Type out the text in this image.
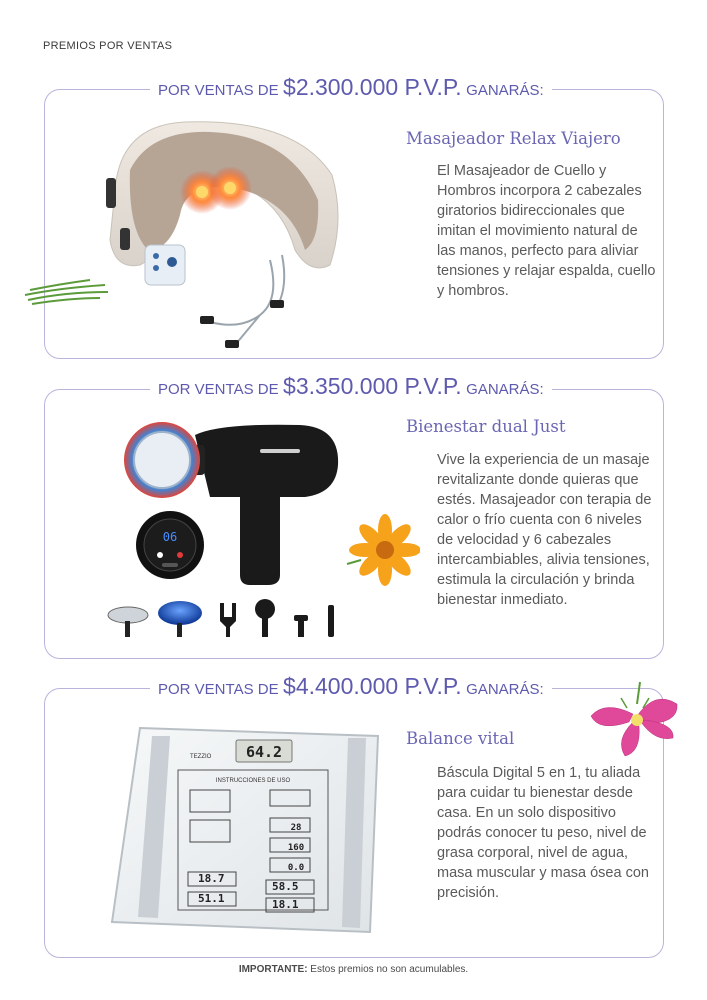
PREMIOS POR VENTAS
POR VENTAS DE $2.300.000 P.V.P. GANARÁS:
Masajeador Relax Viajero
El Masajeador de Cuello y Hombros incorpora 2 cabezales giratorios bidireccionales que imitan el movimiento natural de las manos, perfecto para aliviar tensiones y relajar espalda, cuello y hombros.
POR VENTAS DE $3.350.000 P.V.P. GANARÁS:
06
Bienestar dual Just
Vive la experiencia de un masaje revitalizante donde quieras que estés. Masajeador con terapia de calor o frío cuenta con 6 niveles de velocidad y 6 cabezales intercambiables, alivia tensiones, estimula la circulación y brinda bienestar inmediato.
POR VENTAS DE $4.400.000 P.V.P. GANARÁS:
64.2
TEZZIO
INSTRUCCIONES DE USO
28
160
0.0
18.7
51.1
58.5
18.1
Balance vital
Báscula Digital 5 en 1, tu aliada para cuidar tu bienestar desde casa. En un solo dispositivo podrás conocer tu peso, nivel de grasa corporal, nivel de agua, masa muscular y masa ósea con precisión.
IMPORTANTE: Estos premios no son acumulables.
